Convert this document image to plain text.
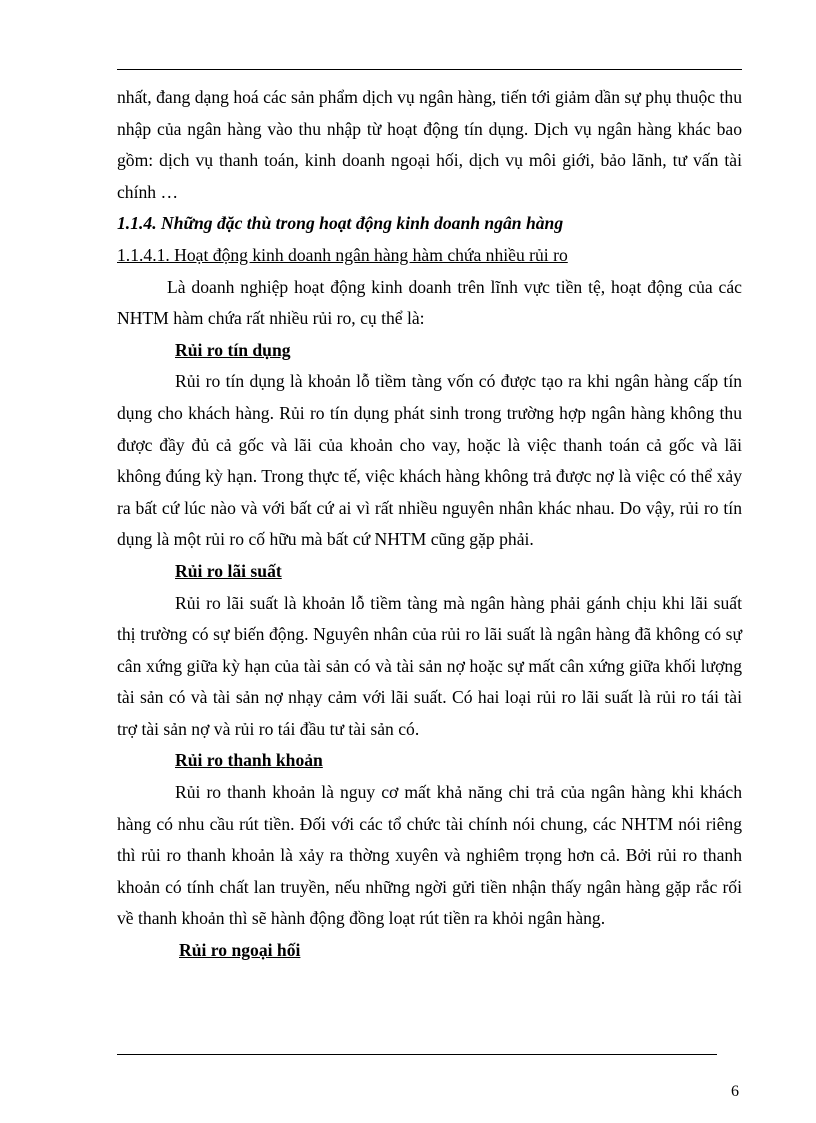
nhất, đang dạng hoá các sản phẩm dịch vụ ngân hàng, tiến tới giảm dần sự phụ thuộc thu nhập của ngân hàng vào thu nhập từ hoạt động tín dụng. Dịch vụ ngân hàng khác bao gồm: dịch vụ thanh toán, kinh doanh ngoại hối, dịch vụ môi giới, bảo lãnh, tư vấn tài chính …

1.1.4. Những đặc thù trong hoạt động kinh doanh ngân hàng

1.1.4.1. Hoạt động kinh doanh ngân hàng hàm chứa nhiều rủi ro

Là doanh nghiệp hoạt động kinh doanh trên lĩnh vực tiền tệ, hoạt động của các NHTM hàm chứa rất nhiều rủi ro, cụ thể là:

Rủi ro tín dụng

Rủi ro tín dụng là khoản lỗ tiềm tàng vốn có được tạo ra khi ngân hàng cấp tín dụng cho khách hàng. Rủi ro tín dụng phát sinh trong trường hợp ngân hàng không thu được đầy đủ cả gốc và lãi của khoản cho vay, hoặc là việc thanh toán cả gốc và lãi không đúng kỳ hạn. Trong thực tế, việc khách hàng không trả được nợ là việc có thể xảy ra bất cứ lúc nào và với bất cứ ai vì rất nhiều nguyên nhân khác nhau. Do vậy, rủi ro tín dụng là một rủi ro cố hữu mà bất cứ NHTM cũng gặp phải.

Rủi ro lãi suất

Rủi ro lãi suất là khoản lỗ tiềm tàng mà ngân hàng phải gánh chịu khi lãi suất thị trường có sự biến động. Nguyên nhân của rủi ro lãi suất là ngân hàng đã không có sự cân xứng giữa kỳ hạn của tài sản có và tài sản nợ hoặc sự mất cân xứng giữa khối lượng tài sản có và tài sản nợ nhạy cảm với lãi suất. Có hai loại rủi ro lãi suất là rủi ro tái tài trợ tài sản nợ và rủi ro tái đầu tư tài sản có.

Rủi ro thanh khoản

Rủi ro thanh khoản là nguy cơ mất khả năng chi trả của ngân hàng khi khách hàng có nhu cầu rút tiền. Đối với các tổ chức tài chính nói chung, các NHTM nói riêng thì rủi ro thanh khoản là xảy ra thờng xuyên và nghiêm trọng hơn cả. Bởi rủi ro thanh khoản có tính chất lan truyền, nếu những ngời gửi tiền nhận thấy ngân hàng gặp rắc rối về thanh khoản thì sẽ hành động đồng loạt rút tiền ra khỏi ngân hàng.

Rủi ro ngoại hối

6
